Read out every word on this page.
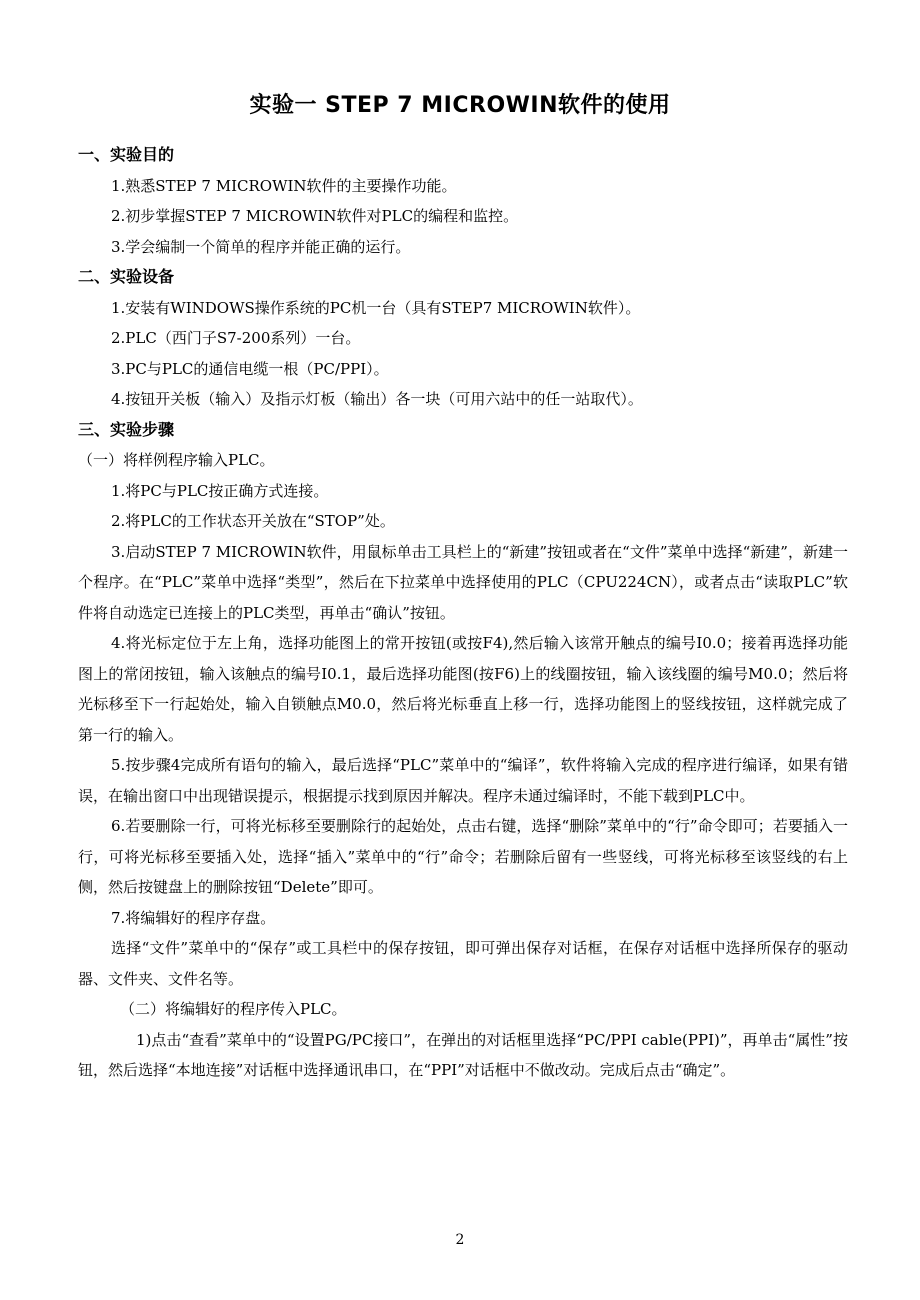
实验一 STEP 7 MICROWIN软件的使用

一、实验目的

1.熟悉STEP 7 MICROWIN软件的主要操作功能。

2.初步掌握STEP 7 MICROWIN软件对PLC的编程和监控。

3.学会编制一个简单的程序并能正确的运行。

二、实验设备

1.安装有WINDOWS操作系统的PC机一台（具有STEP7 MICROWIN软件）。

2.PLC（西门子S7-200系列）一台。

3.PC与PLC的通信电缆一根（PC/PPI）。

4.按钮开关板（输入）及指示灯板（输出）各一块（可用六站中的任一站取代）。

三、实验步骤

（一）将样例程序输入PLC。

1.将PC与PLC按正确方式连接。

2.将PLC的工作状态开关放在“STOP”处。

3.启动STEP 7 MICROWIN软件，用鼠标单击工具栏上的“新建”按钮或者在“文件”菜单中选择“新建”，新建一个程序。在“PLC”菜单中选择“类型”，然后在下拉菜单中选择使用的PLC（CPU224CN），或者点击“读取PLC”软件将自动选定已连接上的PLC类型，再单击“确认”按钮。

4.将光标定位于左上角，选择功能图上的常开按钮(或按F4),然后输入该常开触点的编号I0.0；接着再选择功能图上的常闭按钮，输入该触点的编号I0.1，最后选择功能图(按F6)上的线圈按钮，输入该线圈的编号M0.0；然后将光标移至下一行起始处，输入自锁触点M0.0，然后将光标垂直上移一行，选择功能图上的竖线按钮，这样就完成了第一行的输入。

5.按步骤4完成所有语句的输入，最后选择“PLC”菜单中的“编译”，软件将输入完成的程序进行编译，如果有错误，在输出窗口中出现错误提示，根据提示找到原因并解决。程序未通过编译时，不能下载到PLC中。

6.若要删除一行，可将光标移至要删除行的起始处，点击右键，选择“删除”菜单中的“行”命令即可；若要插入一行，可将光标移至要插入处，选择“插入”菜单中的“行”命令；若删除后留有一些竖线，可将光标移至该竖线的右上侧，然后按键盘上的删除按钮“Delete”即可。

7.将编辑好的程序存盘。

选择“文件”菜单中的“保存”或工具栏中的保存按钮，即可弹出保存对话框，在保存对话框中选择所保存的驱动器、文件夹、文件名等。

（二）将编辑好的程序传入PLC。

1)点击“查看”菜单中的“设置PG/PC接口”，在弹出的对话框里选择“PC/PPI cable(PPI)”，再单击“属性”按钮，然后选择“本地连接”对话框中选择通讯串口，在“PPI”对话框中不做改动。完成后点击“确定”。

2
